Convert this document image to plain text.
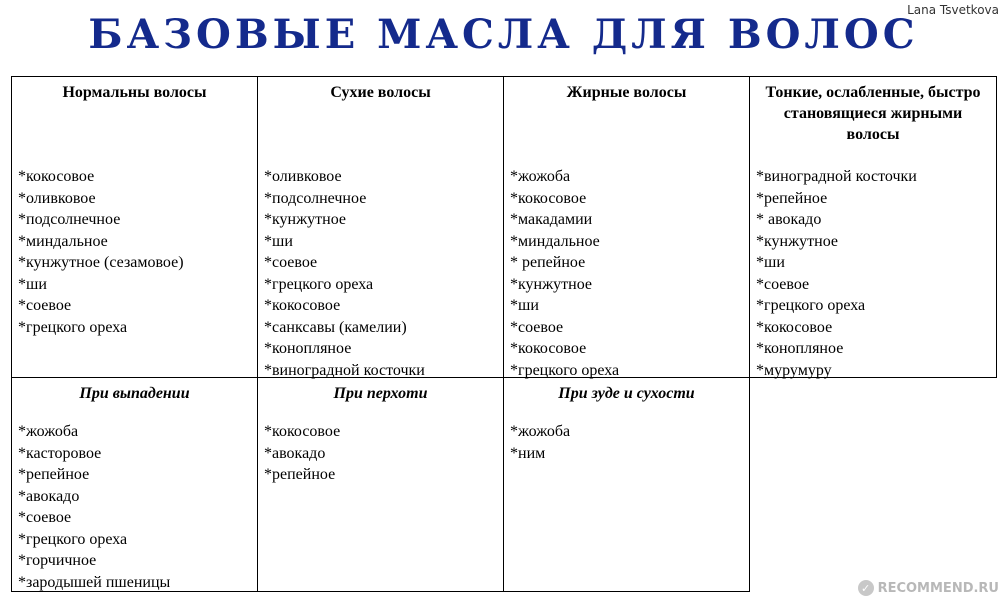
БАЗОВЫЕ МАСЛА ДЛЯ ВОЛОС
Lana Tsvetkova
Нормальны волосы
*кокосовое
*оливковое
*подсолнечное
*миндальное
*кунжутное (сезамовое)
*ши
*соевое
*грецкого ореха
Сухие волосы
*оливковое
*подсолнечное
*кунжутное
*ши
*соевое
*грецкого ореха
*кокосовое
*санксавы (камелии)
*конопляное
*виноградной косточки
Жирные волосы
*жожоба
*кокосовое
*макадамии
*миндальное
* репейное
*кунжутное
*ши
*соевое
*кокосовое
*грецкого ореха
Тонкие, ослабленные, быстро становящиеся жирными волосы
*виноградной косточки
*репейное
* авокадо
*кунжутное
*ши
*соевое
*грецкого ореха
*кокосовое
*конопляное
*мурумуру
При выпадении
*жожоба
*касторовое
*репейное
*авокадо
*соевое
*грецкого ореха
*горчичное
*зародышей пшеницы
При перхоти
*кокосовое
*авокадо
*репейное
При зуде и сухости
*жожоба
*ним
✓ RECOMMEND.RU
